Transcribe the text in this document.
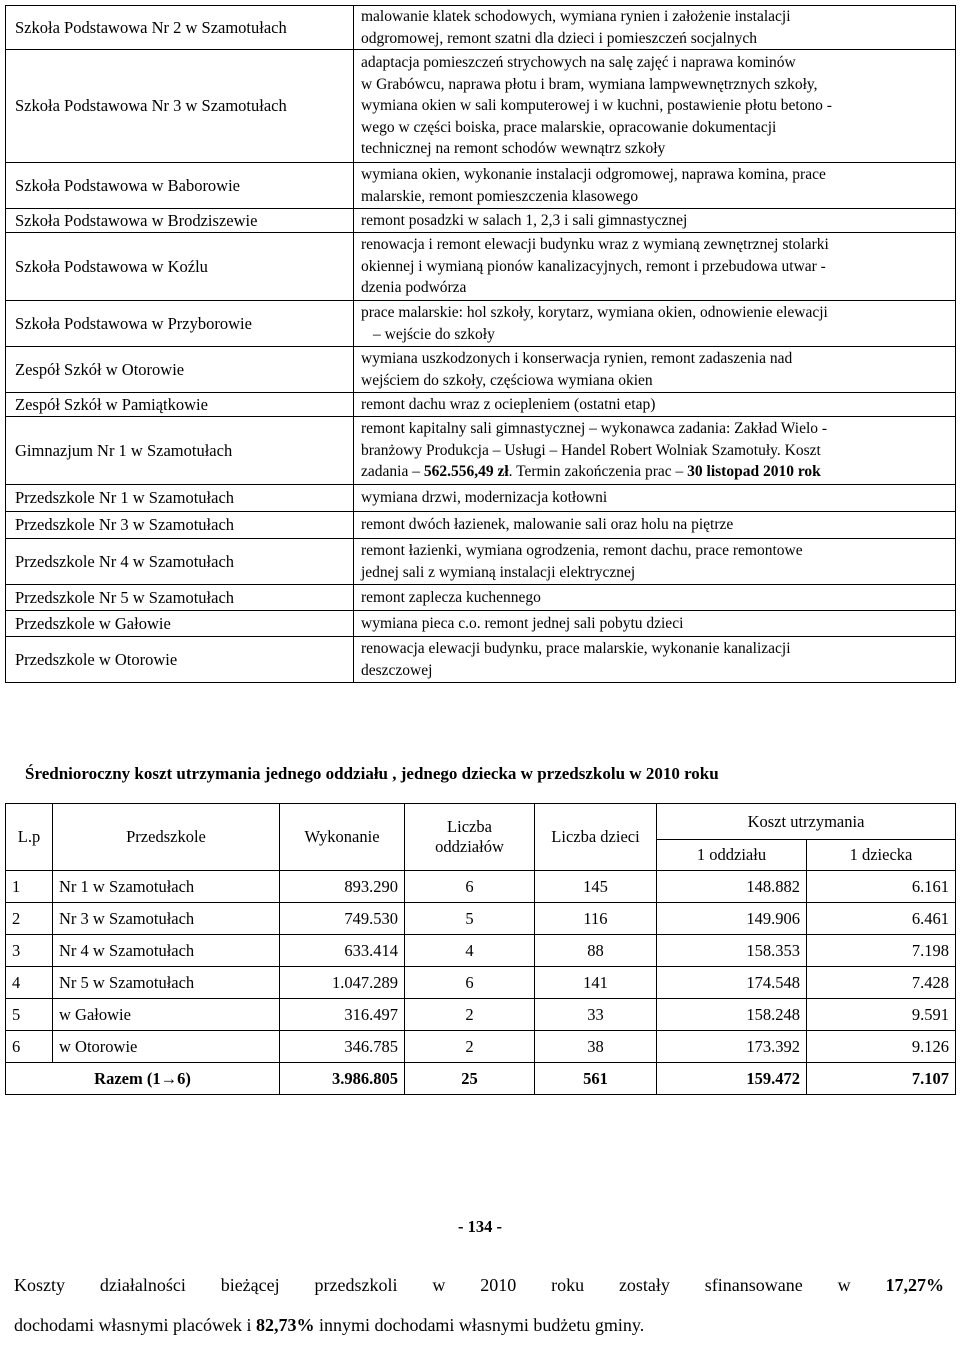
Szkoła Podstawowa Nr 2 w Szamotułach	malowanie klatek schodowych, wymiana rynien i założenie instalacji
odgromowej, remont szatni dla dzieci i pomieszczeń socjalnych

Szkoła Podstawowa Nr 3 w Szamotułach	adaptacja pomieszczeń strychowych na salę zajęć i naprawa kominów
w Grabówcu, naprawa płotu i bram, wymiana lampwewnętrznych szkoły,
wymiana okien w sali komputerowej i w kuchni, postawienie płotu betono -
wego w części boiska, prace malarskie, opracowanie dokumentacji
technicznej na remont schodów wewnątrz szkoły

Szkoła Podstawowa w Baborowie	wymiana okien, wykonanie instalacji odgromowej, naprawa komina, prace
malarskie, remont pomieszczenia klasowego

Szkoła Podstawowa w Brodziszewie	remont posadzki w salach 1, 2,3 i sali gimnastycznej

Szkoła Podstawowa w Koźlu	renowacja i remont elewacji budynku wraz z wymianą zewnętrznej stolarki
okiennej i wymianą pionów kanalizacyjnych, remont i przebudowa utwar -
dzenia podwórza

Szkoła Podstawowa w Przyborowie	prace malarskie: hol szkoły, korytarz, wymiana okien, odnowienie elewacji
– wejście do szkoły

Zespół Szkół w Otorowie	wymiana uszkodzonych i konserwacja rynien, remont zadaszenia nad
wejściem do szkoły, częściowa wymiana okien

Zespół Szkół w Pamiątkowie	remont dachu wraz z ociepleniem (ostatni etap)

Gimnazjum Nr 1 w Szamotułach	remont kapitalny sali gimnastycznej – wykonawca zadania: Zakład Wielo -
branżowy Produkcja – Usługi – Handel Robert Wolniak Szamotuły. Koszt
zadania – 562.556,49 zł. Termin zakończenia prac – 30 listopad 2010 rok

Przedszkole Nr 1 w Szamotułach	wymiana drzwi, modernizacja kotłowni

Przedszkole Nr 3 w Szamotułach	remont dwóch łazienek, malowanie sali oraz holu na piętrze

Przedszkole Nr 4 w Szamotułach	remont łazienki, wymiana ogrodzenia, remont dachu, prace remontowe
jednej sali z wymianą instalacji elektrycznej

Przedszkole Nr 5 w Szamotułach	remont zaplecza kuchennego

Przedszkole w Gałowie	wymiana pieca c.o. remont jednej sali pobytu dzieci

Przedszkole w Otorowie	renowacja elewacji budynku, prace malarskie, wykonanie kanalizacji
deszczowej
Średnioroczny koszt utrzymania jednego oddziału , jednego dziecka w przedszkolu w 2010 roku
L.p	Przedszkole	Wykonanie	Liczba oddziałów	Liczba dzieci	Koszt utrzymania	
					1 oddziału	1 dziecka
1	Nr 1 w Szamotułach	893.290	6	145	148.882	6.161
2	Nr 3 w Szamotułach	749.530	5	116	149.906	6.461
3	Nr 4 w Szamotułach	633.414	4	88	158.353	7.198
4	Nr 5 w Szamotułach	1.047.289	6	141	174.548	7.428
5	w Gałowie	316.497	2	33	158.248	9.591
6	w Otorowie	346.785	2	38	173.392	9.126
Razem (1→6)		3.986.805	25	561	159.472	7.107
- 134 -
Koszty działalności bieżącej przedszkoli w 2010 roku zostały sfinansowane w 17,27%
dochodami własnymi placówek i 82,73% innymi dochodami własnymi budżetu gminy.
